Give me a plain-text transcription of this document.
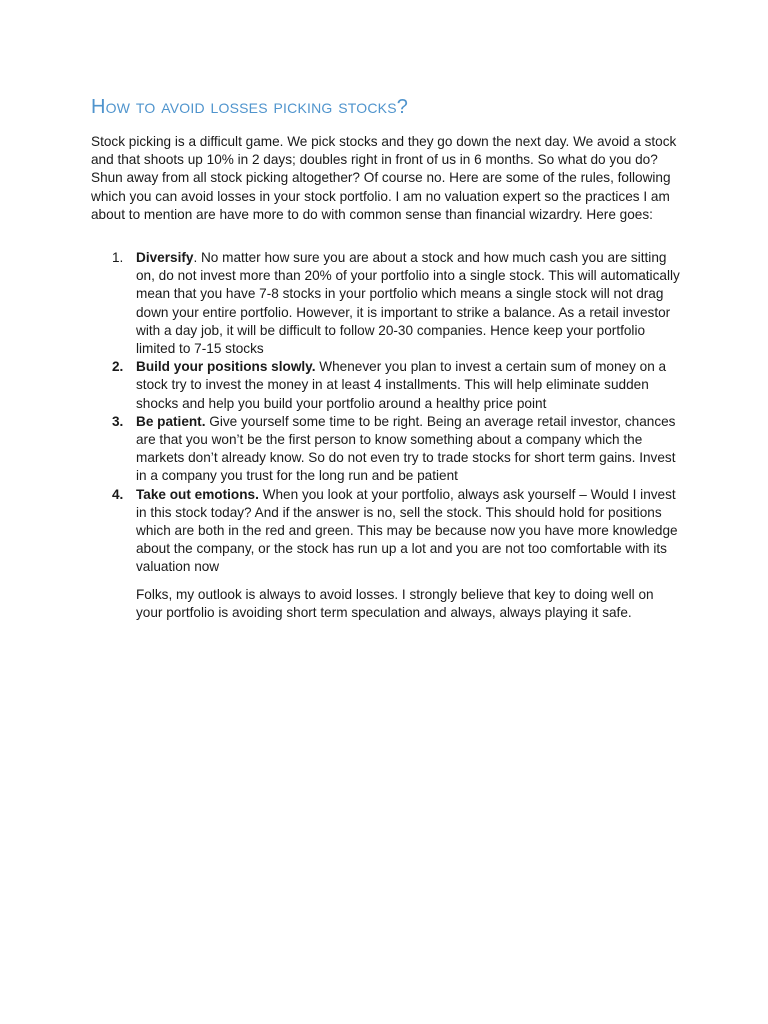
How to avoid losses picking stocks?

Stock picking is a difficult game. We pick stocks and they go down the next day. We avoid a stock and that shoots up 10% in 2 days; doubles right in front of us in 6 months. So what do you do? Shun away from all stock picking altogether? Of course no. Here are some of the rules, following which you can avoid losses in your stock portfolio. I am no valuation expert so the practices I am about to mention are have more to do with common sense than financial wizardry. Here goes:

1. Diversify. No matter how sure you are about a stock and how much cash you are sitting on, do not invest more than 20% of your portfolio into a single stock. This will automatically mean that you have 7-8 stocks in your portfolio which means a single stock will not drag down your entire portfolio. However, it is important to strike a balance. As a retail investor with a day job, it will be difficult to follow 20-30 companies. Hence keep your portfolio limited to 7-15 stocks
2. Build your positions slowly. Whenever you plan to invest a certain sum of money on a stock try to invest the money in at least 4 installments. This will help eliminate sudden shocks and help you build your portfolio around a healthy price point
3. Be patient. Give yourself some time to be right. Being an average retail investor, chances are that you won’t be the first person to know something about a company which the markets don’t already know. So do not even try to trade stocks for short term gains. Invest in a company you trust for the long run and be patient
4. Take out emotions. When you look at your portfolio, always ask yourself – Would I invest in this stock today? And if the answer is no, sell the stock. This should hold for positions which are both in the red and green. This may be because now you have more knowledge about the company, or the stock has run up a lot and you are not too comfortable with its valuation now

Folks, my outlook is always to avoid losses. I strongly believe that key to doing well on your portfolio is avoiding short term speculation and always, always playing it safe.
